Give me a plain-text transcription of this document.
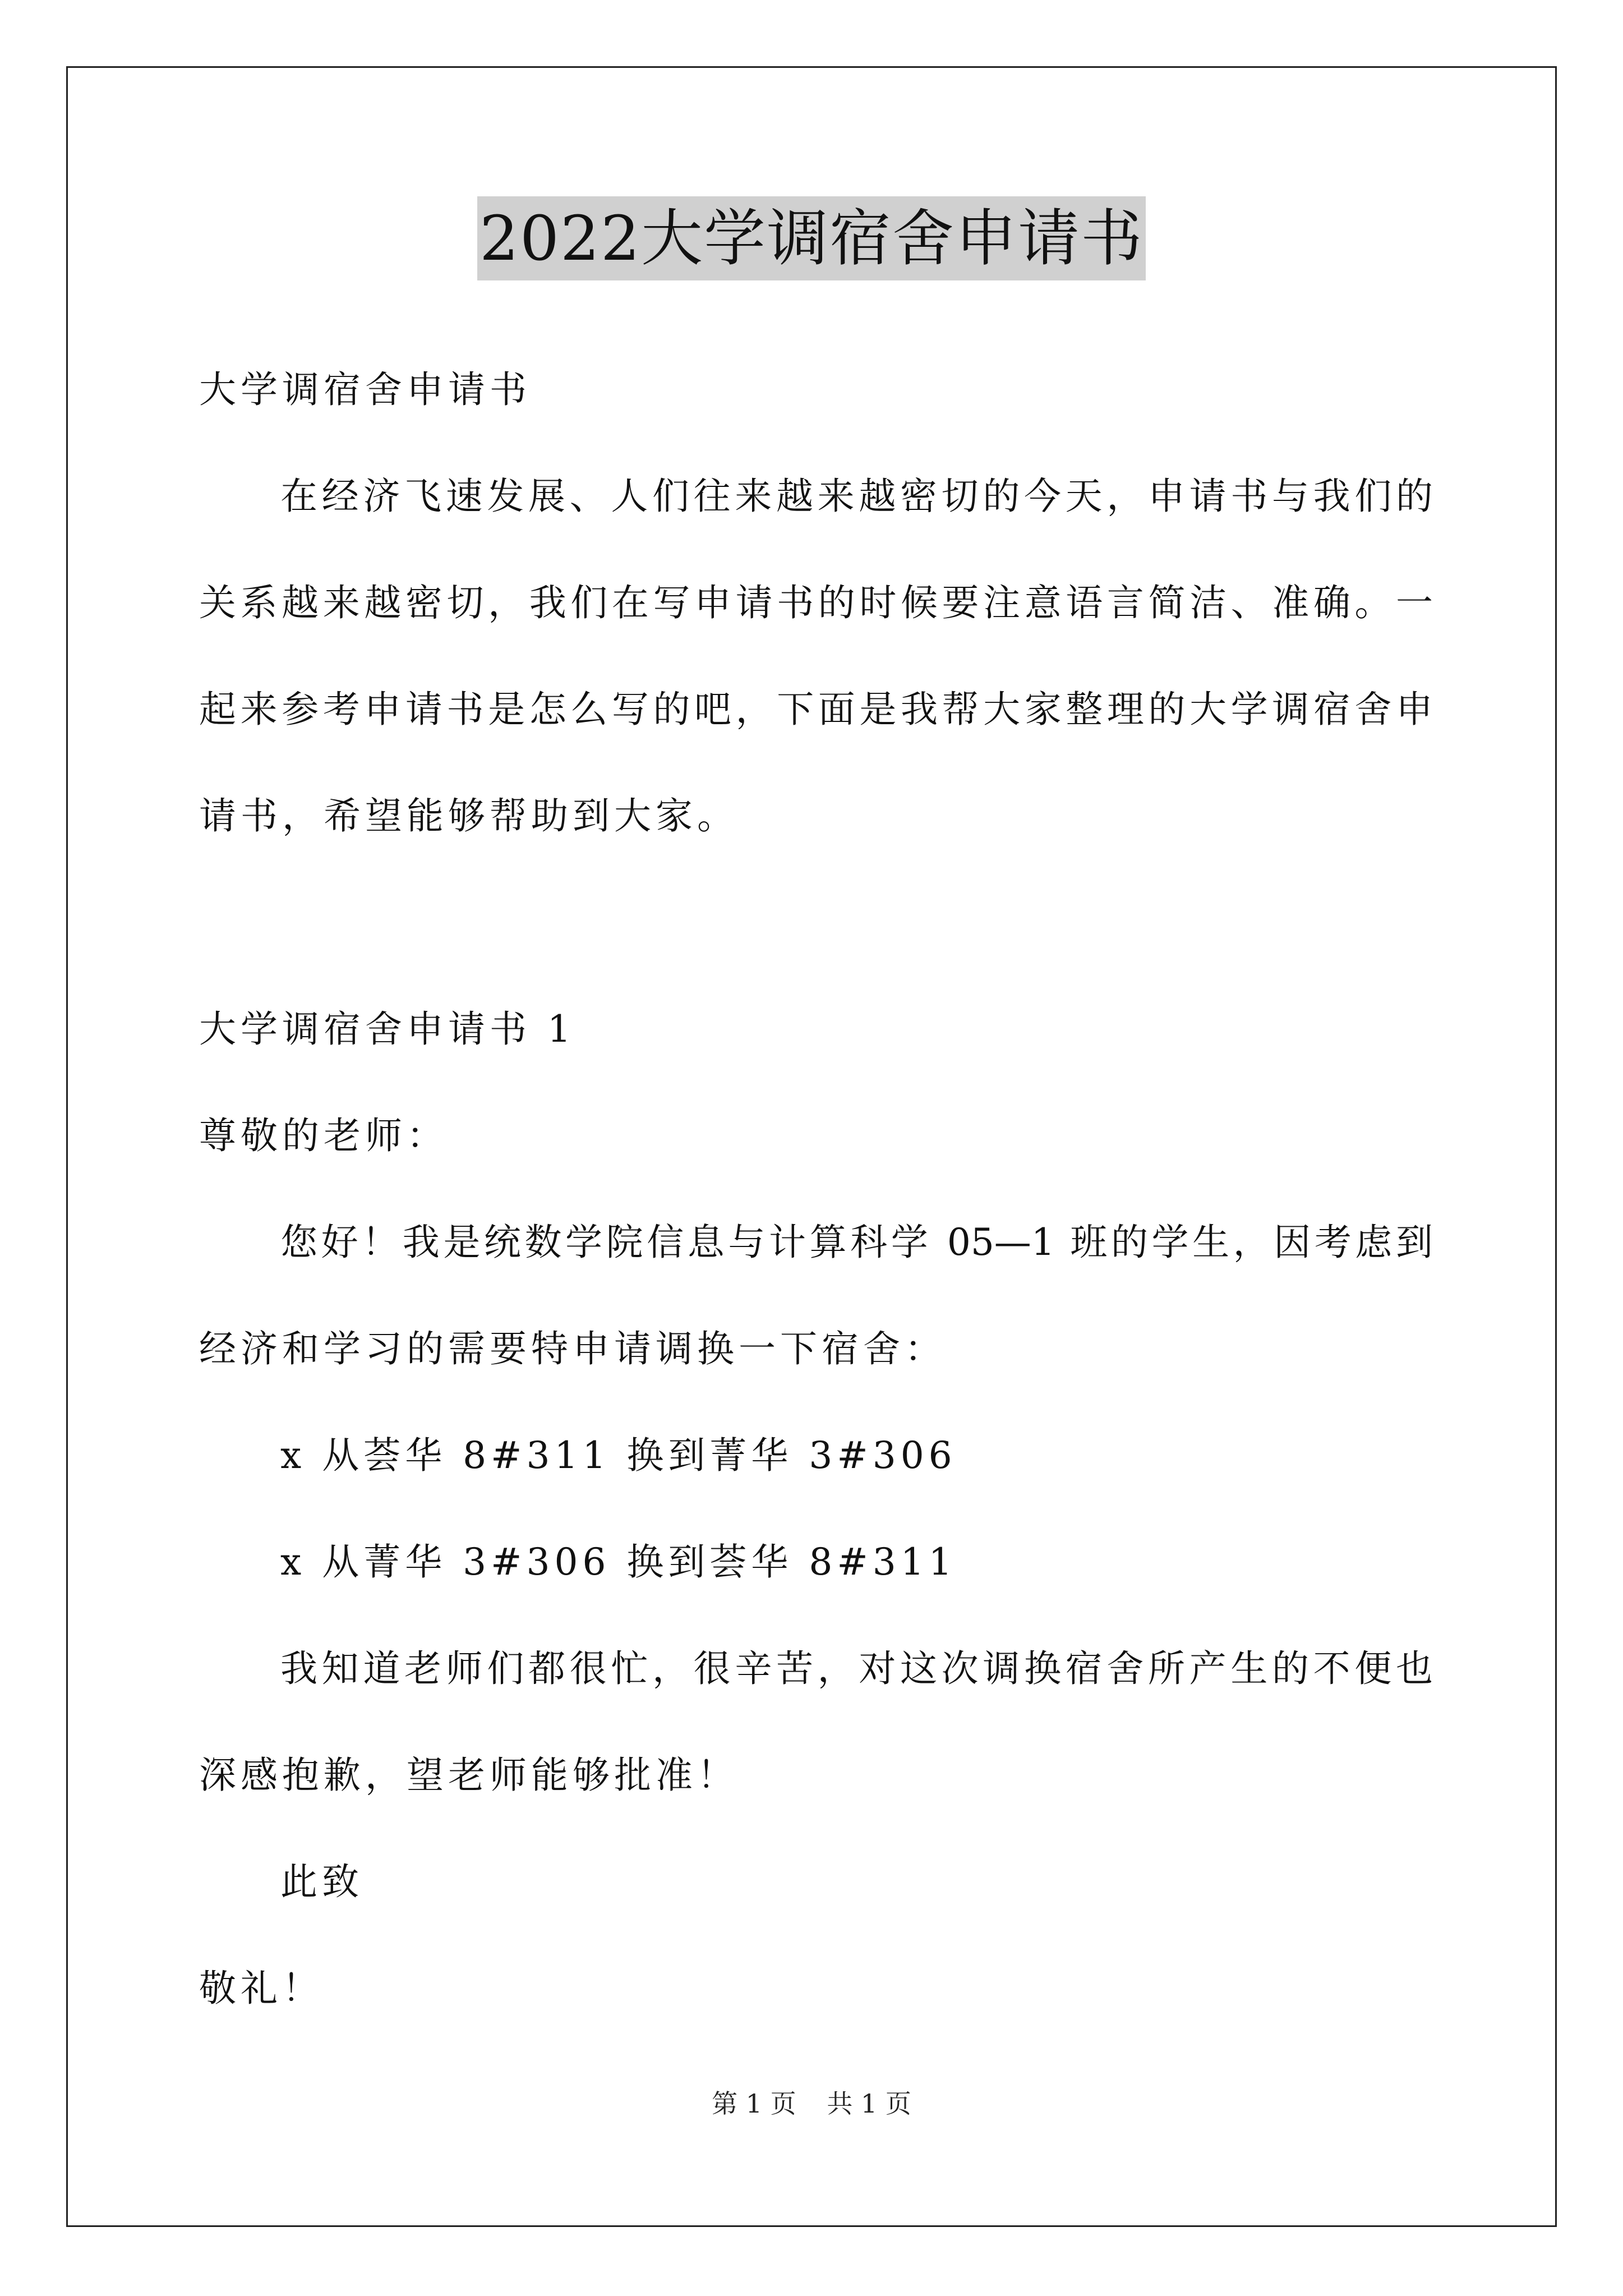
2022大学调宿舍申请书
大学调宿舍申请书
在经济飞速发展、人们往来越来越密切的今天，申请书与我们的
关系越来越密切，我们在写申请书的时候要注意语言简洁、准确。一
起来参考申请书是怎么写的吧，下面是我帮大家整理的大学调宿舍申
请书，希望能够帮助到大家。
大学调宿舍申请书 1
尊敬的老师：
您好！我是统数学院信息与计算科学 05—1 班的学生，因考虑到
经济和学习的需要特申请调换一下宿舍：
x 从荟华 8#311 换到菁华 3#306
x 从菁华 3#306 换到荟华 8#311
我知道老师们都很忙，很辛苦，对这次调换宿舍所产生的不便也
深感抱歉，望老师能够批准！
此致
敬礼！
第 1 页 共 1 页
